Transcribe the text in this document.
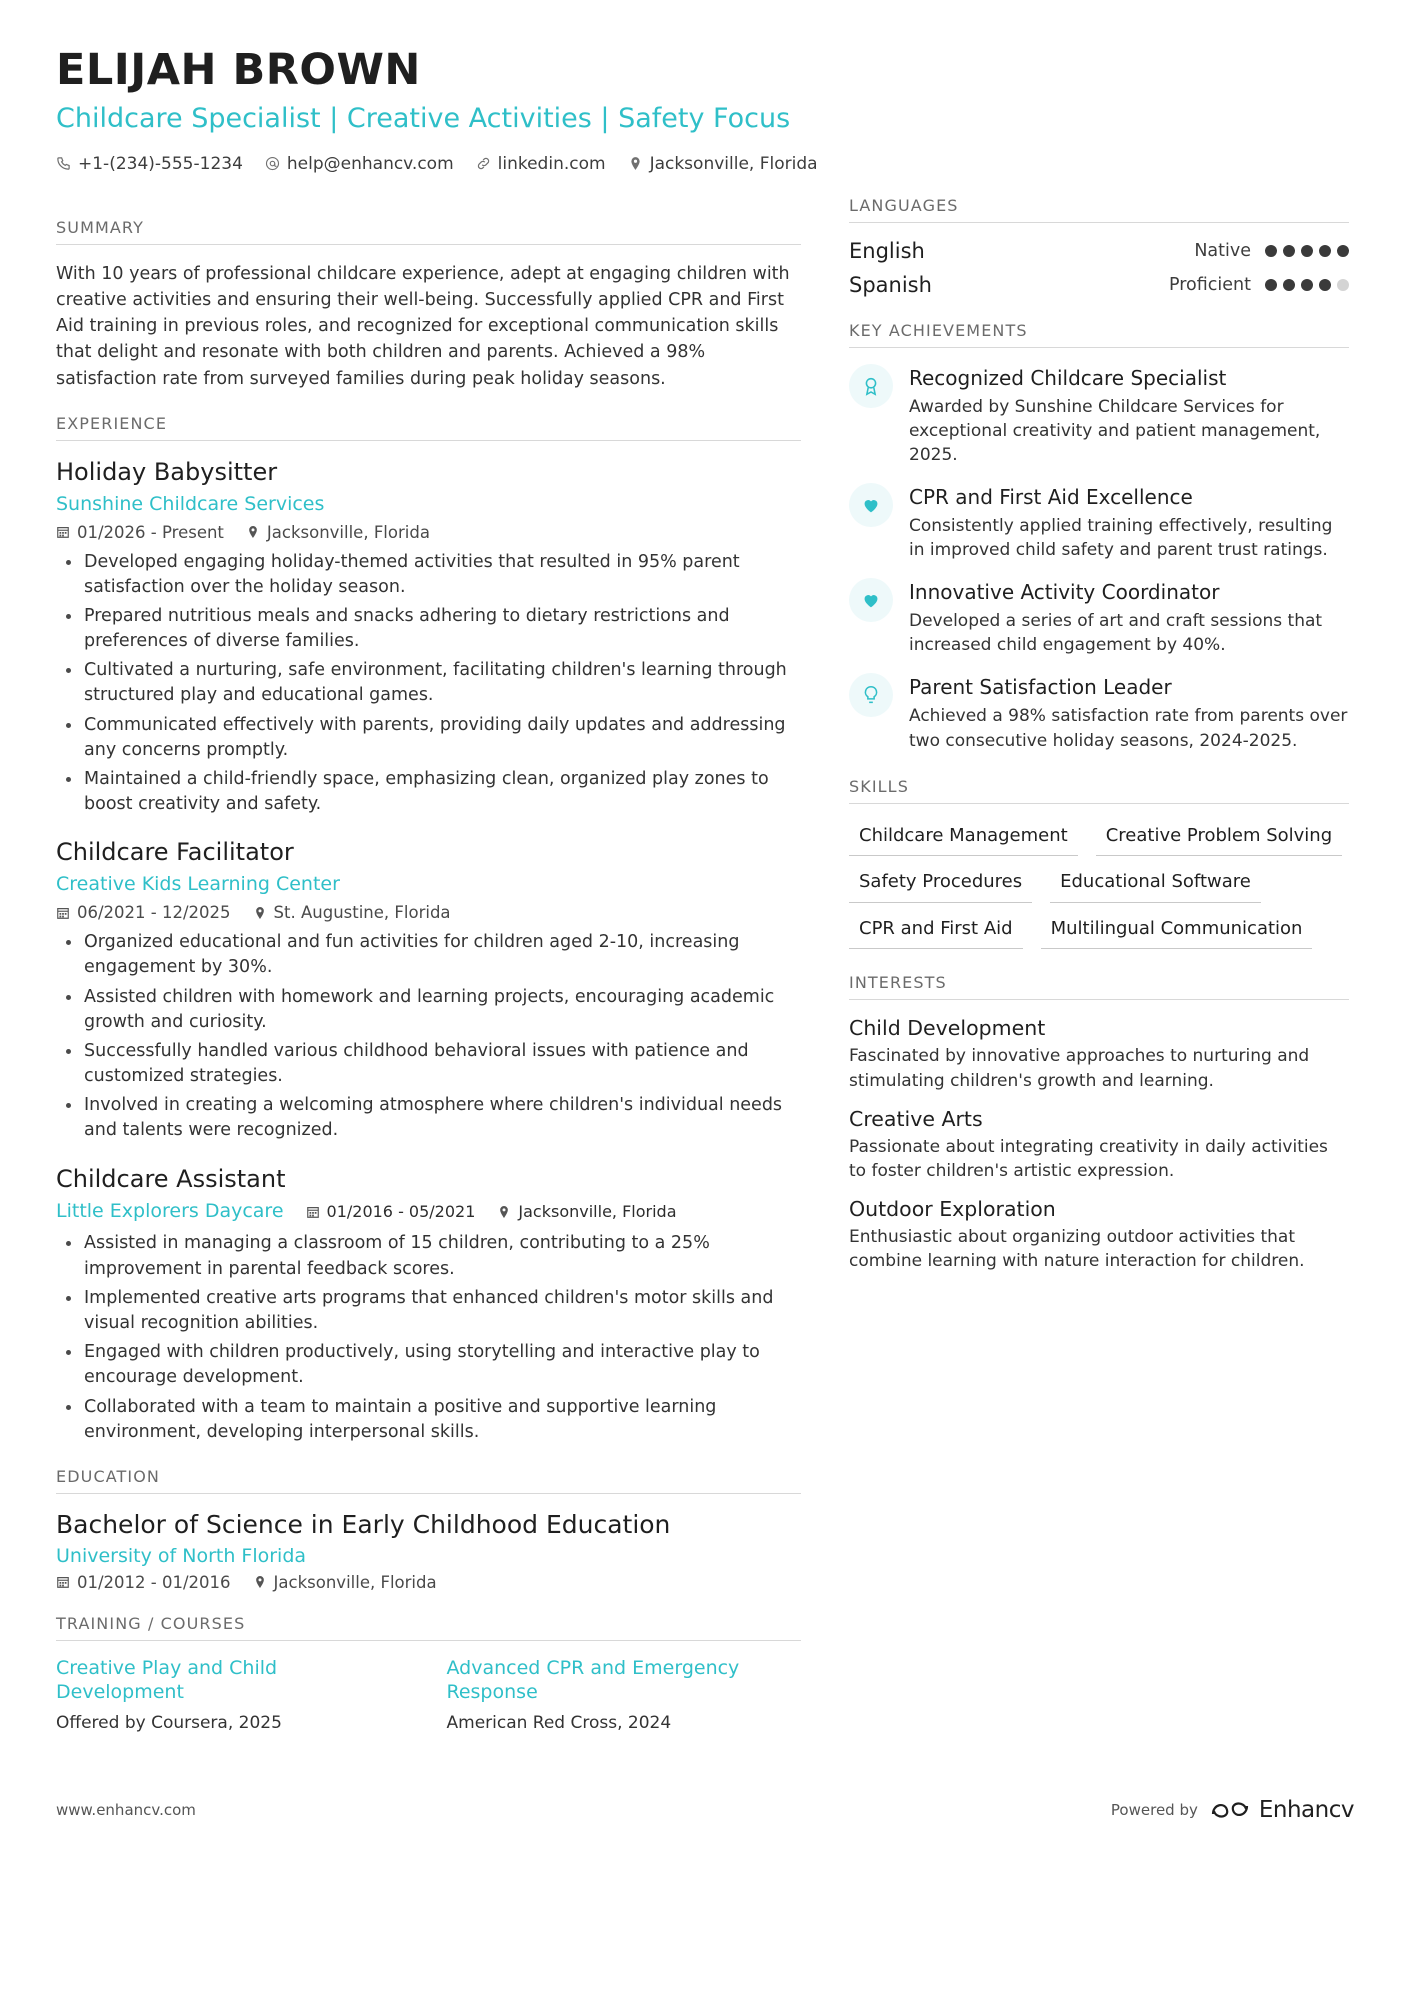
ELIJAH BROWN
Childcare Specialist | Creative Activities | Safety Focus
+1-(234)-555-1234	help@enhancv.com	linkedin.com	Jacksonville, Florida
SUMMARY

With 10 years of professional childcare experience, adept at engaging children with creative activities and ensuring their well-being. Successfully applied CPR and First Aid training in previous roles, and recognized for exceptional communication skills that delight and resonate with both children and parents. Achieved a 98% satisfaction rate from surveyed families during peak holiday seasons.

EXPERIENCE
Holiday Babysitter
Sunshine Childcare Services
01/2026 - Present	Jacksonville, Florida
Developed engaging holiday-themed activities that resulted in 95% parent satisfaction over the holiday season.
Prepared nutritious meals and snacks adhering to dietary restrictions and preferences of diverse families.
Cultivated a nurturing, safe environment, facilitating children's learning through structured play and educational games.
Communicated effectively with parents, providing daily updates and addressing any concerns promptly.
Maintained a child-friendly space, emphasizing clean, organized play zones to boost creativity and safety.
Childcare Facilitator
Creative Kids Learning Center
06/2021 - 12/2025	St. Augustine, Florida
Organized educational and fun activities for children aged 2-10, increasing engagement by 30%.
Assisted children with homework and learning projects, encouraging academic growth and curiosity.
Successfully handled various childhood behavioral issues with patience and customized strategies.
Involved in creating a welcoming atmosphere where children's individual needs and talents were recognized.
Childcare Assistant
Little Explorers Daycare	01/2016 - 05/2021	Jacksonville, Florida
Assisted in managing a classroom of 15 children, contributing to a 25% improvement in parental feedback scores.
Implemented creative arts programs that enhanced children's motor skills and visual recognition abilities.
Engaged with children productively, using storytelling and interactive play to encourage development.
Collaborated with a team to maintain a positive and supportive learning environment, developing interpersonal skills.
EDUCATION
Bachelor of Science in Early Childhood Education
University of North Florida
01/2012 - 01/2016	Jacksonville, Florida
TRAINING / COURSES
Creative Play and Child Development
Offered by Coursera, 2025
Advanced CPR and Emergency Response
American Red Cross, 2024
LANGUAGES
English	Native
Spanish	Proficient
KEY ACHIEVEMENTS
Recognized Childcare Specialist
Awarded by Sunshine Childcare Services for exceptional creativity and patient management, 2025.
CPR and First Aid Excellence
Consistently applied training effectively, resulting in improved child safety and parent trust ratings.
Innovative Activity Coordinator
Developed a series of art and craft sessions that increased child engagement by 40%.
Parent Satisfaction Leader
Achieved a 98% satisfaction rate from parents over two consecutive holiday seasons, 2024-2025.
SKILLS
Childcare Management	Creative Problem Solving
Safety Procedures	Educational Software
CPR and First Aid	Multilingual Communication
INTERESTS
Child Development
Fascinated by innovative approaches to nurturing and stimulating children's growth and learning.
Creative Arts
Passionate about integrating creativity in daily activities to foster children's artistic expression.
Outdoor Exploration
Enthusiastic about organizing outdoor activities that combine learning with nature interaction for children.
www.enhancv.com	Powered by	Enhancv
